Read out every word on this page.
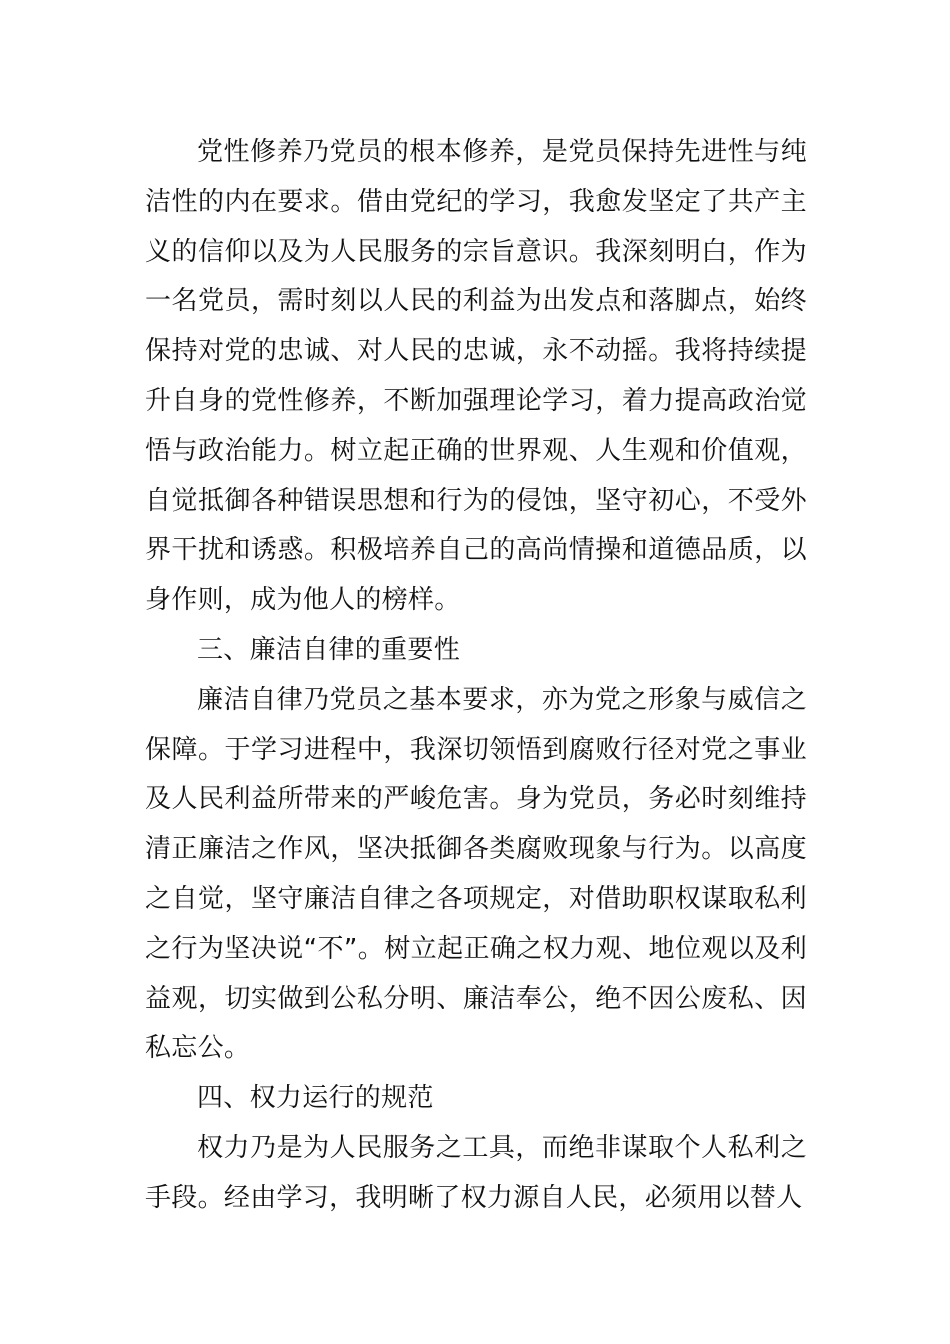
党性修养乃党员的根本修养，是党员保持先进性与纯洁性的内在要求。借由党纪的学习，我愈发坚定了共产主义的信仰以及为人民服务的宗旨意识。我深刻明白，作为一名党员，需时刻以人民的利益为出发点和落脚点，始终保持对党的忠诚、对人民的忠诚，永不动摇。我将持续提升自身的党性修养，不断加强理论学习，着力提高政治觉悟与政治能力。树立起正确的世界观、人生观和价值观，自觉抵御各种错误思想和行为的侵蚀，坚守初心，不受外界干扰和诱惑。积极培养自己的高尚情操和道德品质，以身作则，成为他人的榜样。

三、廉洁自律的重要性

廉洁自律乃党员之基本要求，亦为党之形象与威信之保障。于学习进程中，我深切领悟到腐败行径对党之事业及人民利益所带来的严峻危害。身为党员，务必时刻维持清正廉洁之作风，坚决抵御各类腐败现象与行为。以高度之自觉，坚守廉洁自律之各项规定，对借助职权谋取私利之行为坚决说“不”。树立起正确之权力观、地位观以及利益观，切实做到公私分明、廉洁奉公，绝不因公废私、因私忘公。

四、权力运行的规范

权力乃是为人民服务之工具，而绝非谋取个人私利之手段。经由学习，我明晰了权力源自人民，必须用以替人
